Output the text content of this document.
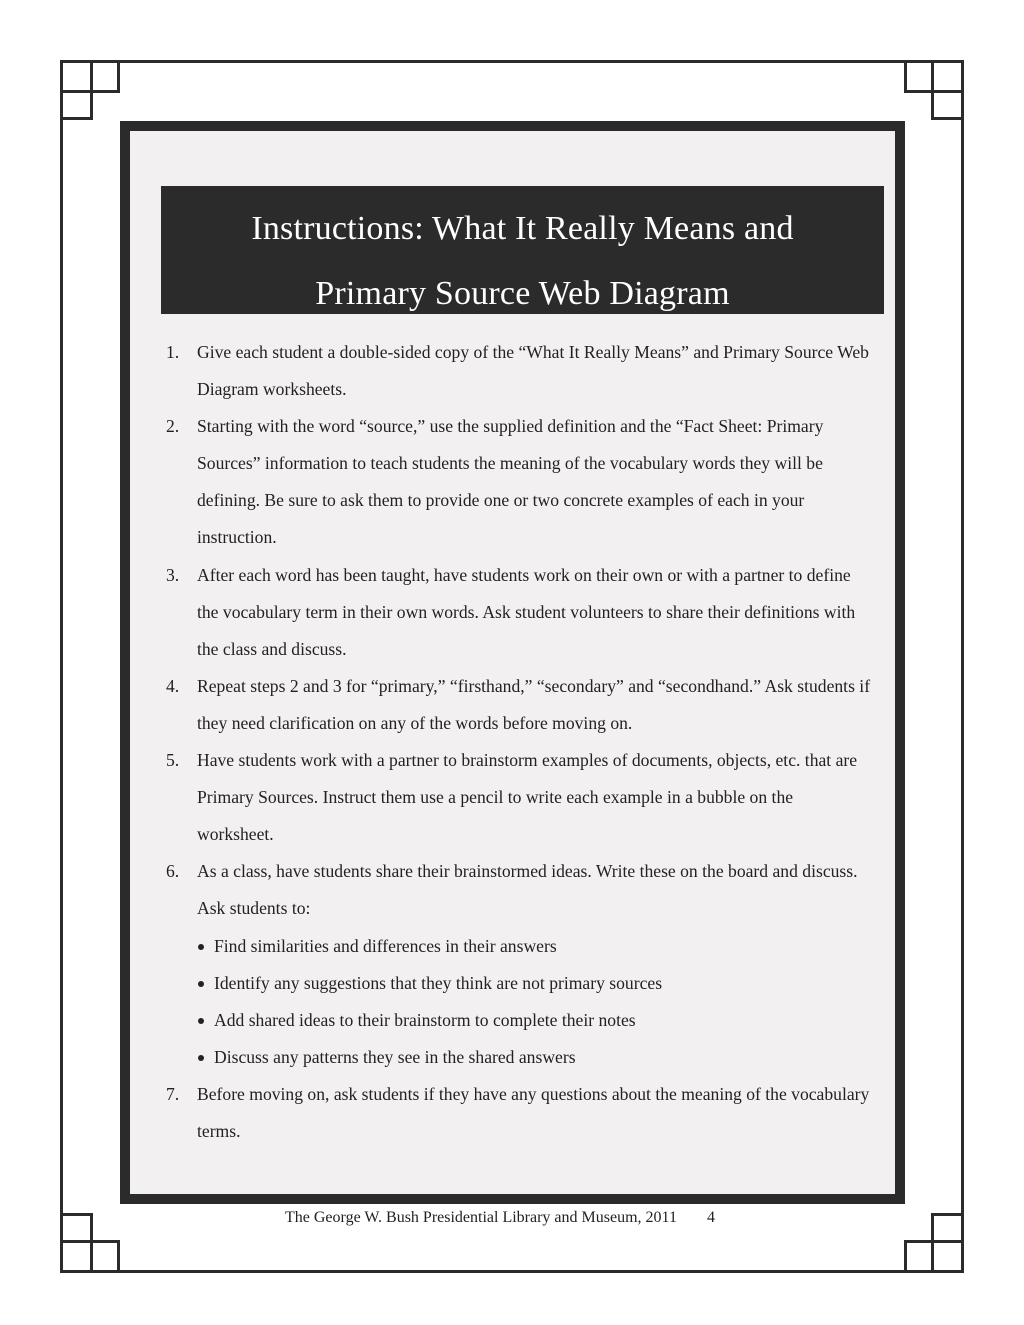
Instructions: What It Really Means and
Primary Source Web Diagram
1. Give each student a double-sided copy of the “What It Really Means” and Primary Source Web Diagram worksheets.
2. Starting with the word “source,” use the supplied definition and the “Fact Sheet: Primary Sources” information to teach students the meaning of the vocabulary words they will be defining. Be sure to ask them to provide one or two concrete examples of each in your instruction.
3. After each word has been taught, have students work on their own or with a partner to define the vocabulary term in their own words. Ask student volunteers to share their definitions with the class and discuss.
4. Repeat steps 2 and 3 for “primary,” “firsthand,” “secondary” and “secondhand.” Ask students if they need clarification on any of the words before moving on.
5. Have students work with a partner to brainstorm examples of documents, objects, etc. that are Primary Sources. Instruct them use a pencil to write each example in a bubble on the worksheet.
6. As a class, have students share their brainstormed ideas. Write these on the board and discuss. Ask students to:
Find similarities and differences in their answers
Identify any suggestions that they think are not primary sources
Add shared ideas to their brainstorm to complete their notes
Discuss any patterns they see in the shared answers
7. Before moving on, ask students if they have any questions about the meaning of the vocabulary terms.
The George W. Bush Presidential Library and Museum, 2011 4
